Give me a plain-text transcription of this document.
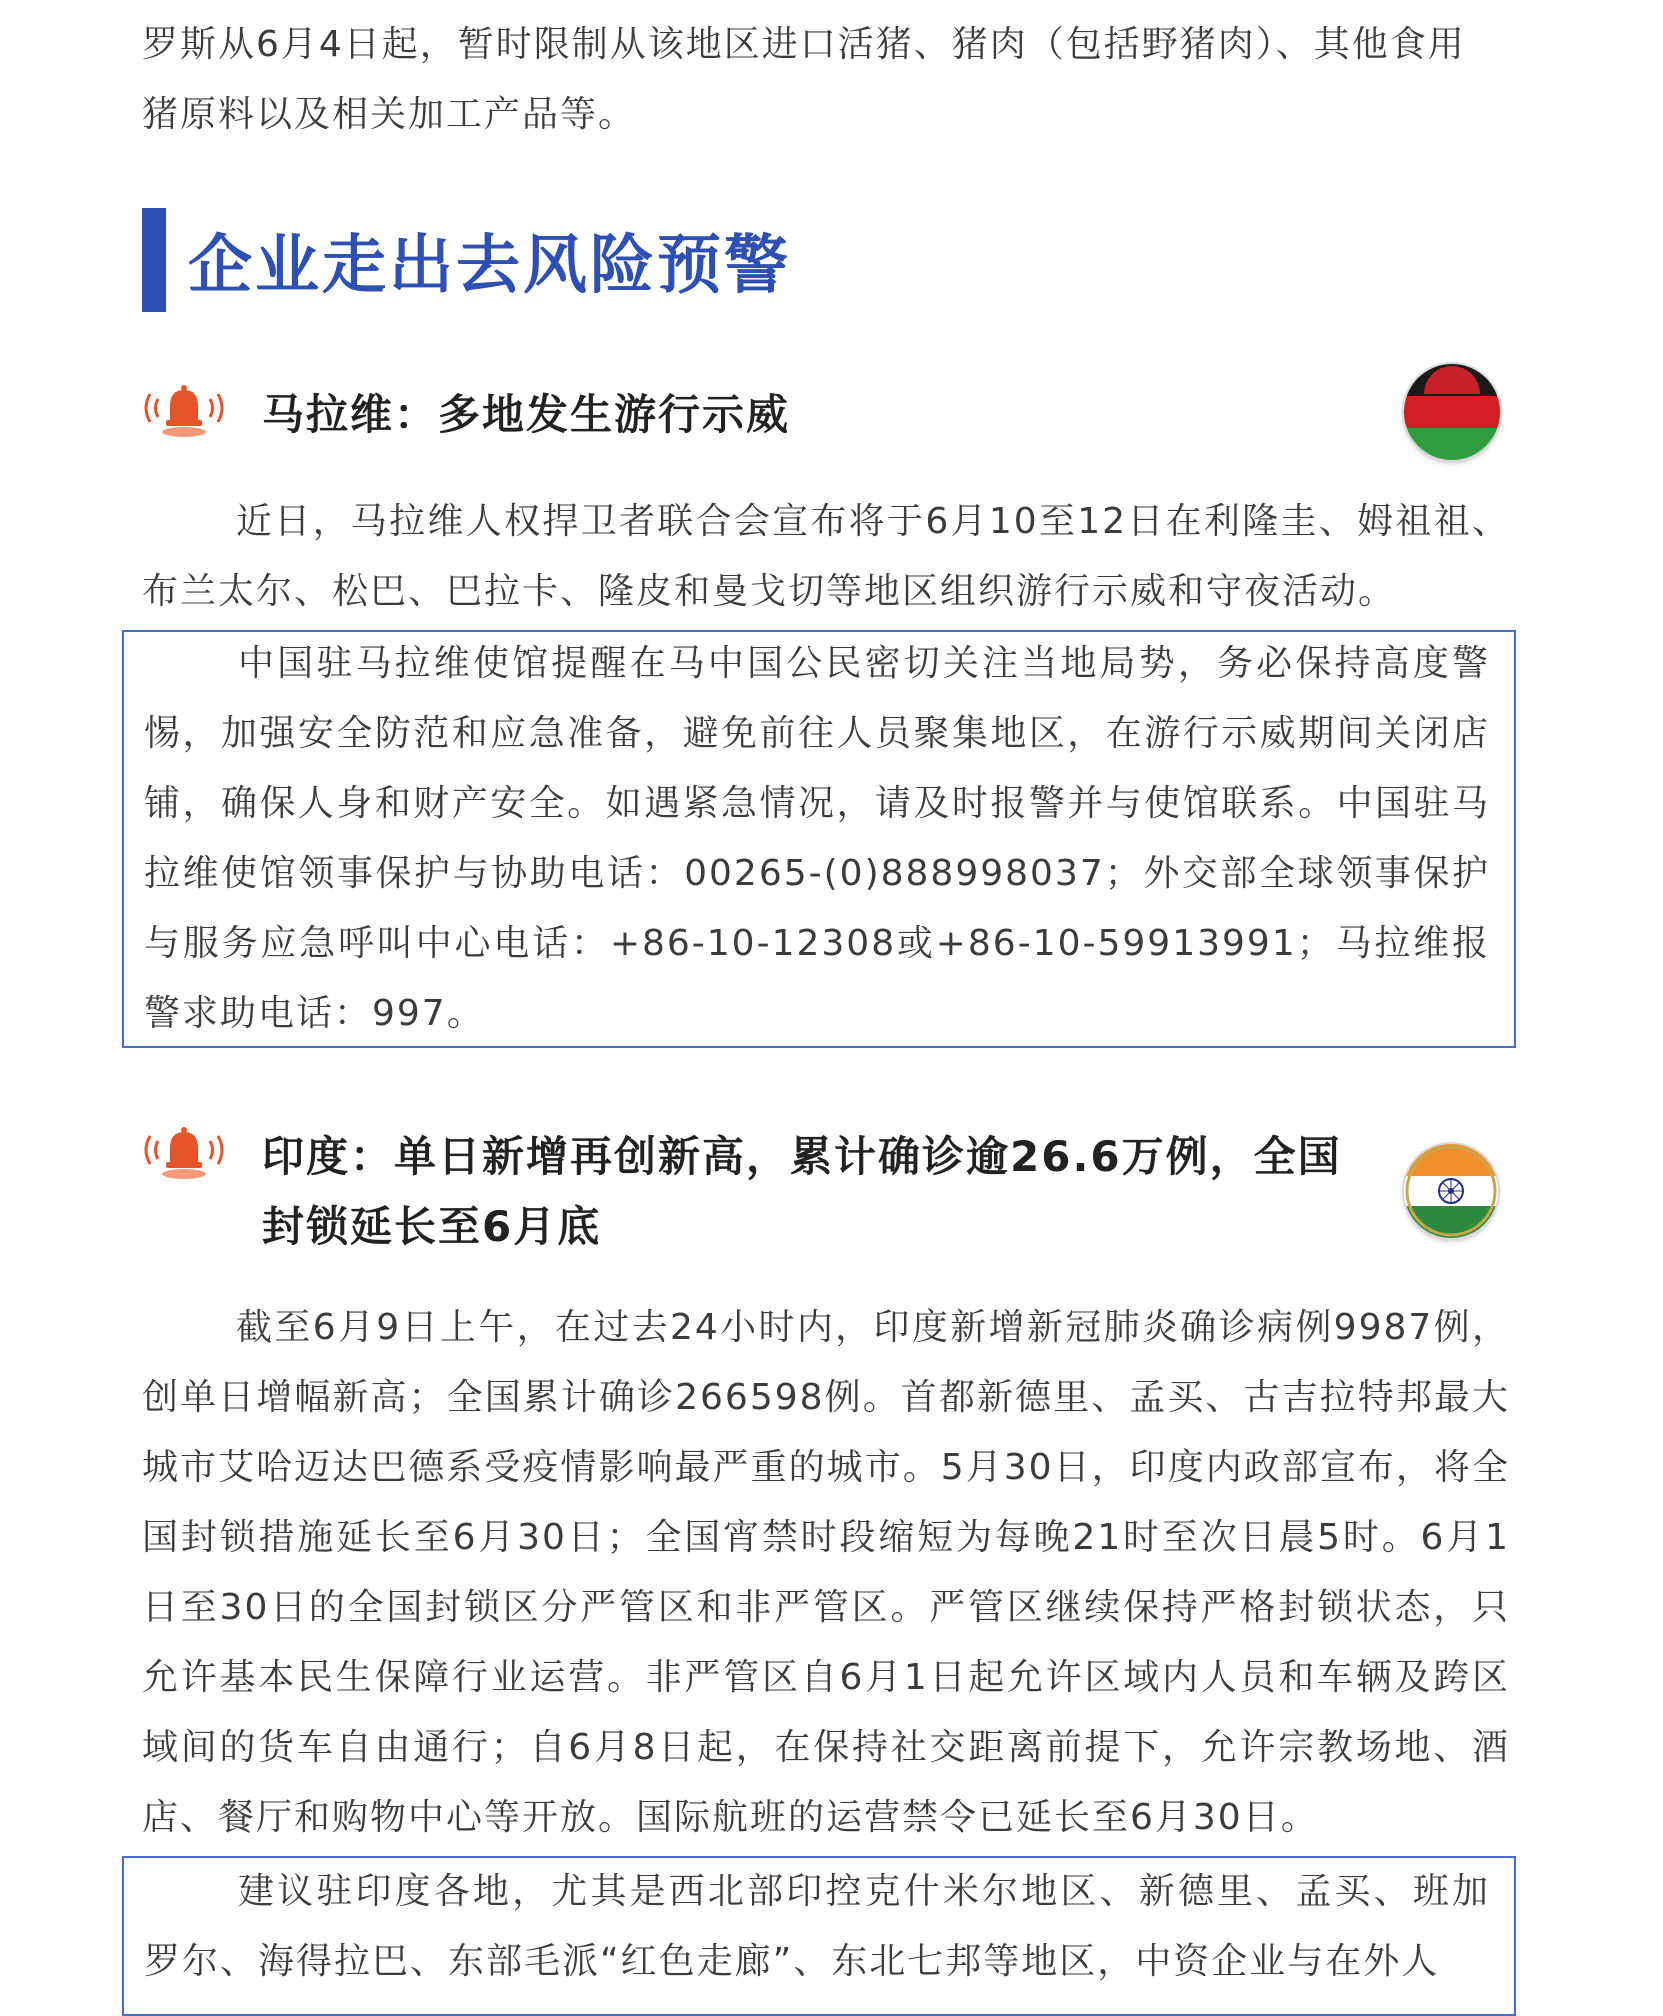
罗斯从6月4日起，暂时限制从该地区进口活猪、猪肉（包括野猪肉）、其他食用
猪原料以及相关加工产品等。

企业走出去风险预警
马拉维：多地发生游行示威

近日，马拉维人权捍卫者联合会宣布将于6月10至12日在利隆圭、姆祖祖、布兰太尔、松巴、巴拉卡、隆皮和曼戈切等地区组织游行示威和守夜活动。

中国驻马拉维使馆提醒在马中国公民密切关注当地局势，务必保持高度警惕，加强安全防范和应急准备，避免前往人员聚集地区，在游行示威期间关闭店铺，确保人身和财产安全。如遇紧急情况，请及时报警并与使馆联系。中国驻马拉维使馆领事保护与协助电话：00265-(0)888998037；外交部全球领事保护与服务应急呼叫中心电话：+86-10-12308或+86-10-59913991；马拉维报警求助电话：997。

印度：单日新增再创新高，累计确诊逾26.6万例，全国
封锁延长至6月底

截至6月9日上午，在过去24小时内，印度新增新冠肺炎确诊病例9987例，创单日增幅新高；全国累计确诊266598例。首都新德里、孟买、古吉拉特邦最大城市艾哈迈达巴德系受疫情影响最严重的城市。5月30日，印度内政部宣布，将全国封锁措施延长至6月30日；全国宵禁时段缩短为每晚21时至次日晨5时。6月1日至30日的全国封锁区分严管区和非严管区。严管区继续保持严格封锁状态，只允许基本民生保障行业运营。非严管区自6月1日起允许区域内人员和车辆及跨区域间的货车自由通行；自6月8日起，在保持社交距离前提下，允许宗教场地、酒店、餐厅和购物中心等开放。国际航班的运营禁令已延长至6月30日。

建议驻印度各地，尤其是西北部印控克什米尔地区、新德里、孟买、班加罗尔、海得拉巴、东部毛派“红色走廊”、东北七邦等地区，中资企业与在外人
